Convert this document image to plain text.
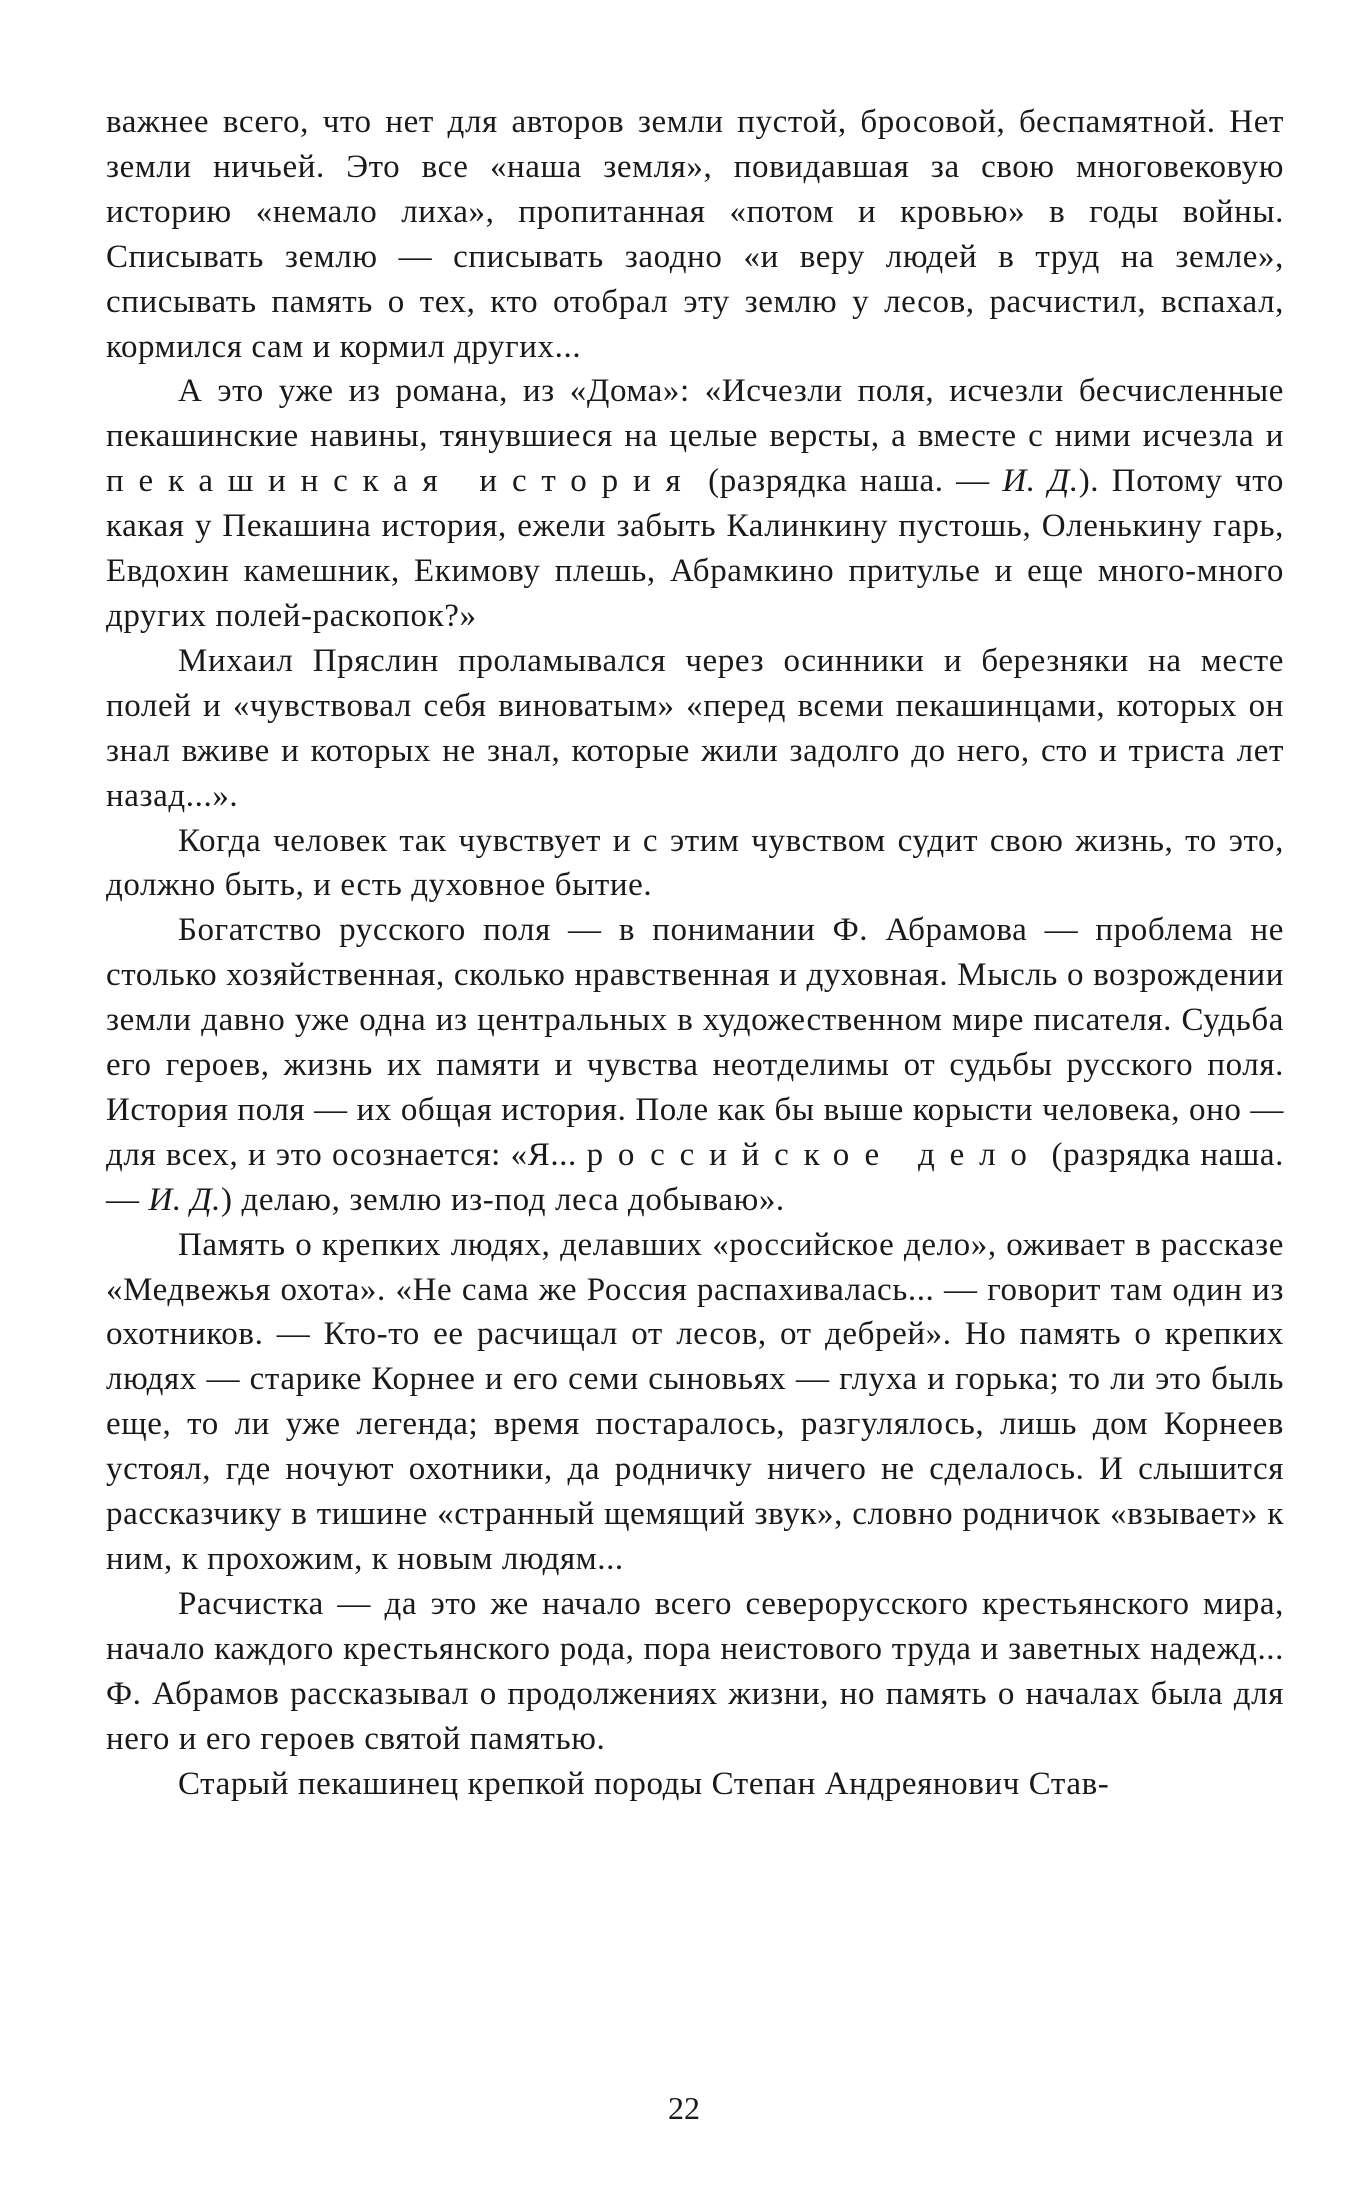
важнее всего, что нет для авторов земли пустой, бросовой, беспамятной. Нет земли ничьей. Это все «наша земля», повидавшая за свою многовековую историю «немало лиха», пропитанная «потом и кровью» в годы войны. Списывать землю — списывать заодно «и веру людей в труд на земле», списывать память о тех, кто отобрал эту землю у лесов, расчистил, вспахал, кормился сам и кормил других...

А это уже из романа, из «Дома»: «Исчезли поля, исчезли бесчисленные пекашинские навины, тянувшиеся на целые версты, а вместе с ними исчезла и пекашинская история (разрядка наша. — И. Д.). Потому что какая у Пекашина история, ежели забыть Калинкину пустошь, Оленькину гарь, Евдохин камешник, Екимову плешь, Абрамкино притулье и еще много-много других полей-раскопок?»

Михаил Пряслин проламывался через осинники и березняки на месте полей и «чувствовал себя виноватым» «перед всеми пекашинцами, которых он знал вживе и которых не знал, которые жили задолго до него, сто и триста лет назад...».

Когда человек так чувствует и с этим чувством судит свою жизнь, то это, должно быть, и есть духовное бытие.

Богатство русского поля — в понимании Ф. Абрамова — проблема не столько хозяйственная, сколько нравственная и духовная. Мысль о возрождении земли давно уже одна из центральных в художественном мире писателя. Судьба его героев, жизнь их памяти и чувства неотделимы от судьбы русского поля. История поля — их общая история. Поле как бы выше корысти человека, оно — для всех, и это осознается: «Я... российское дело (разрядка наша. — И. Д.) делаю, землю из-под леса добываю».

Память о крепких людях, делавших «российское дело», оживает в рассказе «Медвежья охота». «Не сама же Россия распахивалась... — говорит там один из охотников. — Кто-то ее расчищал от лесов, от дебрей». Но память о крепких людях — старике Корнее и его семи сыновьях — глуха и горька; то ли это быль еще, то ли уже легенда; время постаралось, разгулялось, лишь дом Корнеев устоял, где ночуют охотники, да родничку ничего не сделалось. И слышится рассказчику в тишине «странный щемящий звук», словно родничок «взывает» к ним, к прохожим, к новым людям...

Расчистка — да это же начало всего северорусского крестьянского мира, начало каждого крестьянского рода, пора неистового труда и заветных надежд... Ф. Абрамов рассказывал о продолжениях жизни, но память о началах была для него и его героев святой памятью.

Старый пекашинец крепкой породы Степан Андреянович Став-

22
